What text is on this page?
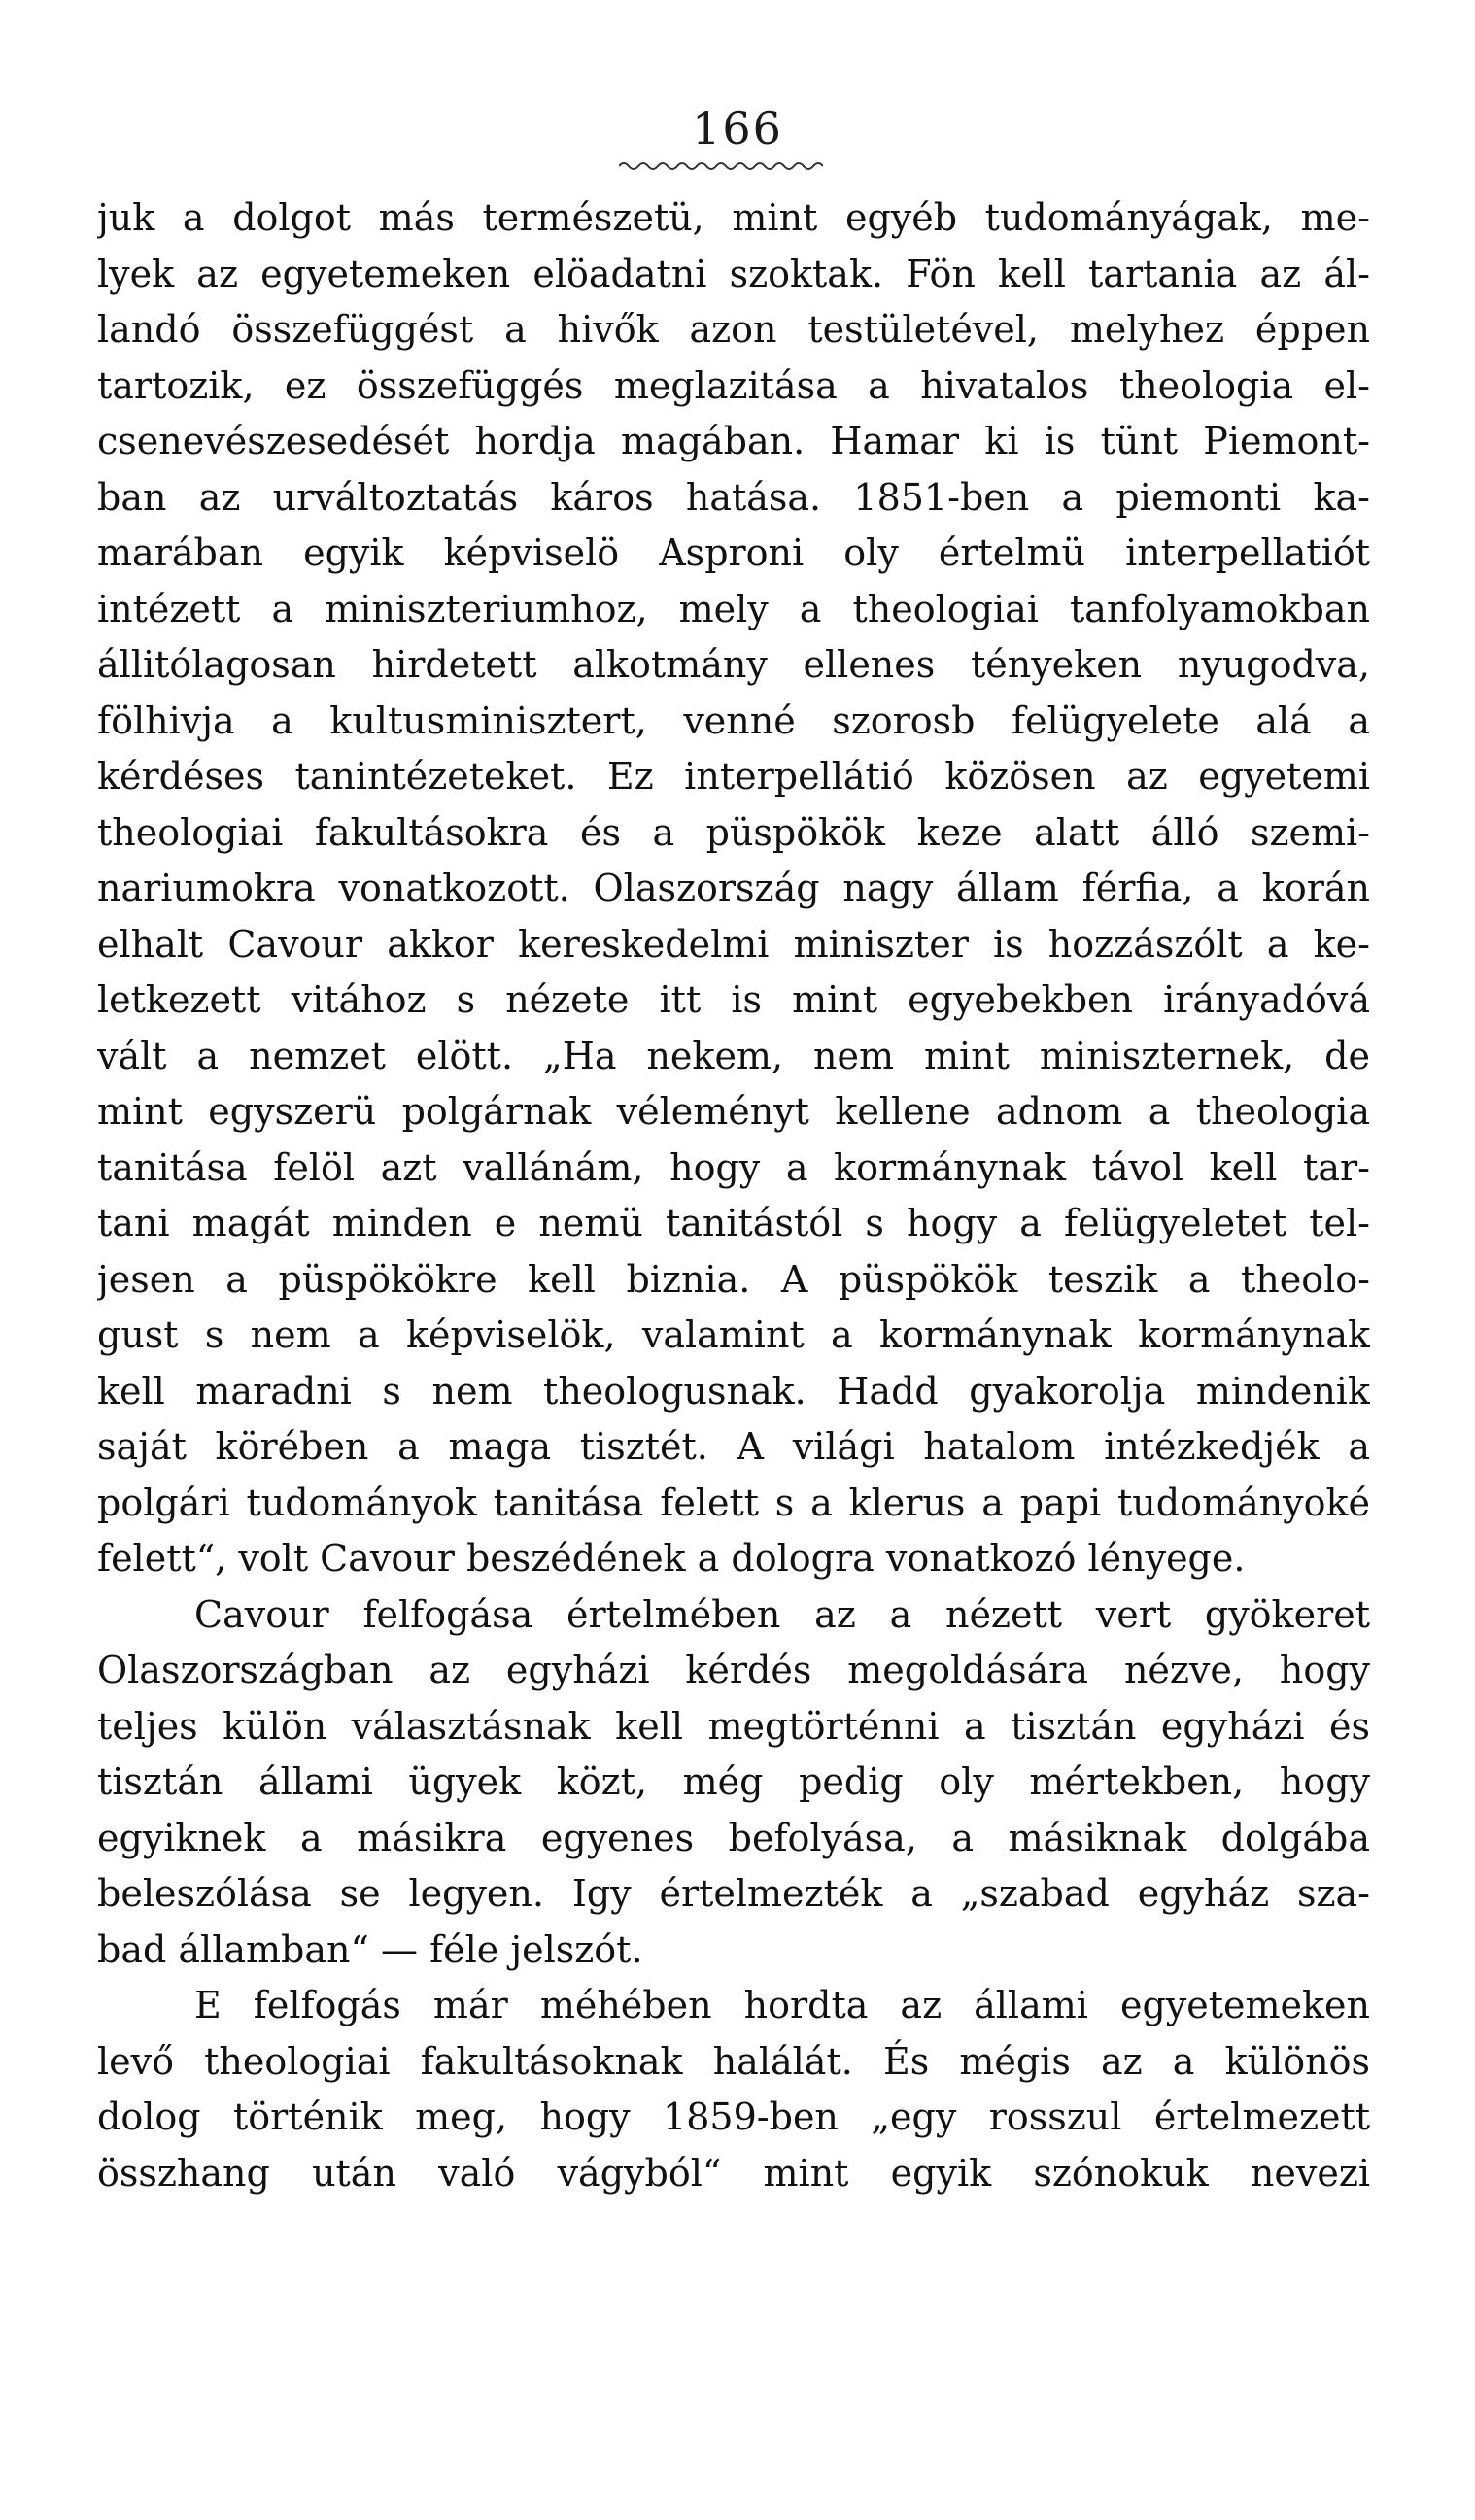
166
juk a dolgot más természetü, mint egyéb tudományágak, me-
lyek az egyetemeken elöadatni szoktak. Fön kell tartania az ál-
landó összefüggést a hivők azon testületével, melyhez éppen
tartozik, ez összefüggés meglazitása a hivatalos theologia el-
csenevészesedését hordja magában. Hamar ki is tünt Piemont-
ban az urváltoztatás káros hatása. 1851-ben a piemonti ka-
marában egyik képviselö Asproni oly értelmü interpellatiót
intézett a miniszteriumhoz, mely a theologiai tanfolyamokban
állitólagosan hirdetett alkotmány ellenes tényeken nyugodva,
fölhivja a kultusminisztert, venné szorosb felügyelete alá a
kérdéses tanintézeteket. Ez interpellátió közösen az egyetemi
theologiai fakultásokra és a püspökök keze alatt álló szemi-
nariumokra vonatkozott. Olaszország nagy állam férfia, a korán
elhalt Cavour akkor kereskedelmi miniszter is hozzászólt a ke-
letkezett vitához s nézete itt is mint egyebekben irányadóvá
vált a nemzet elött. „Ha nekem, nem mint miniszternek, de
mint egyszerü polgárnak véleményt kellene adnom a theologia
tanitása felöl azt vallánám, hogy a kormánynak távol kell tar-
tani magát minden e nemü tanitástól s hogy a felügyeletet tel-
jesen a püspökökre kell biznia. A püspökök teszik a theolo-
gust s nem a képviselök, valamint a kormánynak kormánynak
kell maradni s nem theologusnak. Hadd gyakorolja mindenik
saját körében a maga tisztét. A világi hatalom intézkedjék a
polgári tudományok tanitása felett s a klerus a papi tudományoké
felett“, volt Cavour beszédének a dologra vonatkozó lényege.
Cavour felfogása értelmében az a nézett vert gyökeret
Olaszországban az egyházi kérdés megoldására nézve, hogy
teljes külön választásnak kell megtörténni a tisztán egyházi és
tisztán állami ügyek közt, még pedig oly mértekben, hogy
egyiknek a másikra egyenes befolyása, a másiknak dolgába
beleszólása se legyen. Igy értelmezték a „szabad egyház sza-
bad államban“ — féle jelszót.
E felfogás már méhében hordta az állami egyetemeken
levő theologiai fakultásoknak halálát. És mégis az a különös
dolog történik meg, hogy 1859-ben „egy rosszul értelmezett
összhang után való vágyból“ mint egyik szónokuk nevezi
